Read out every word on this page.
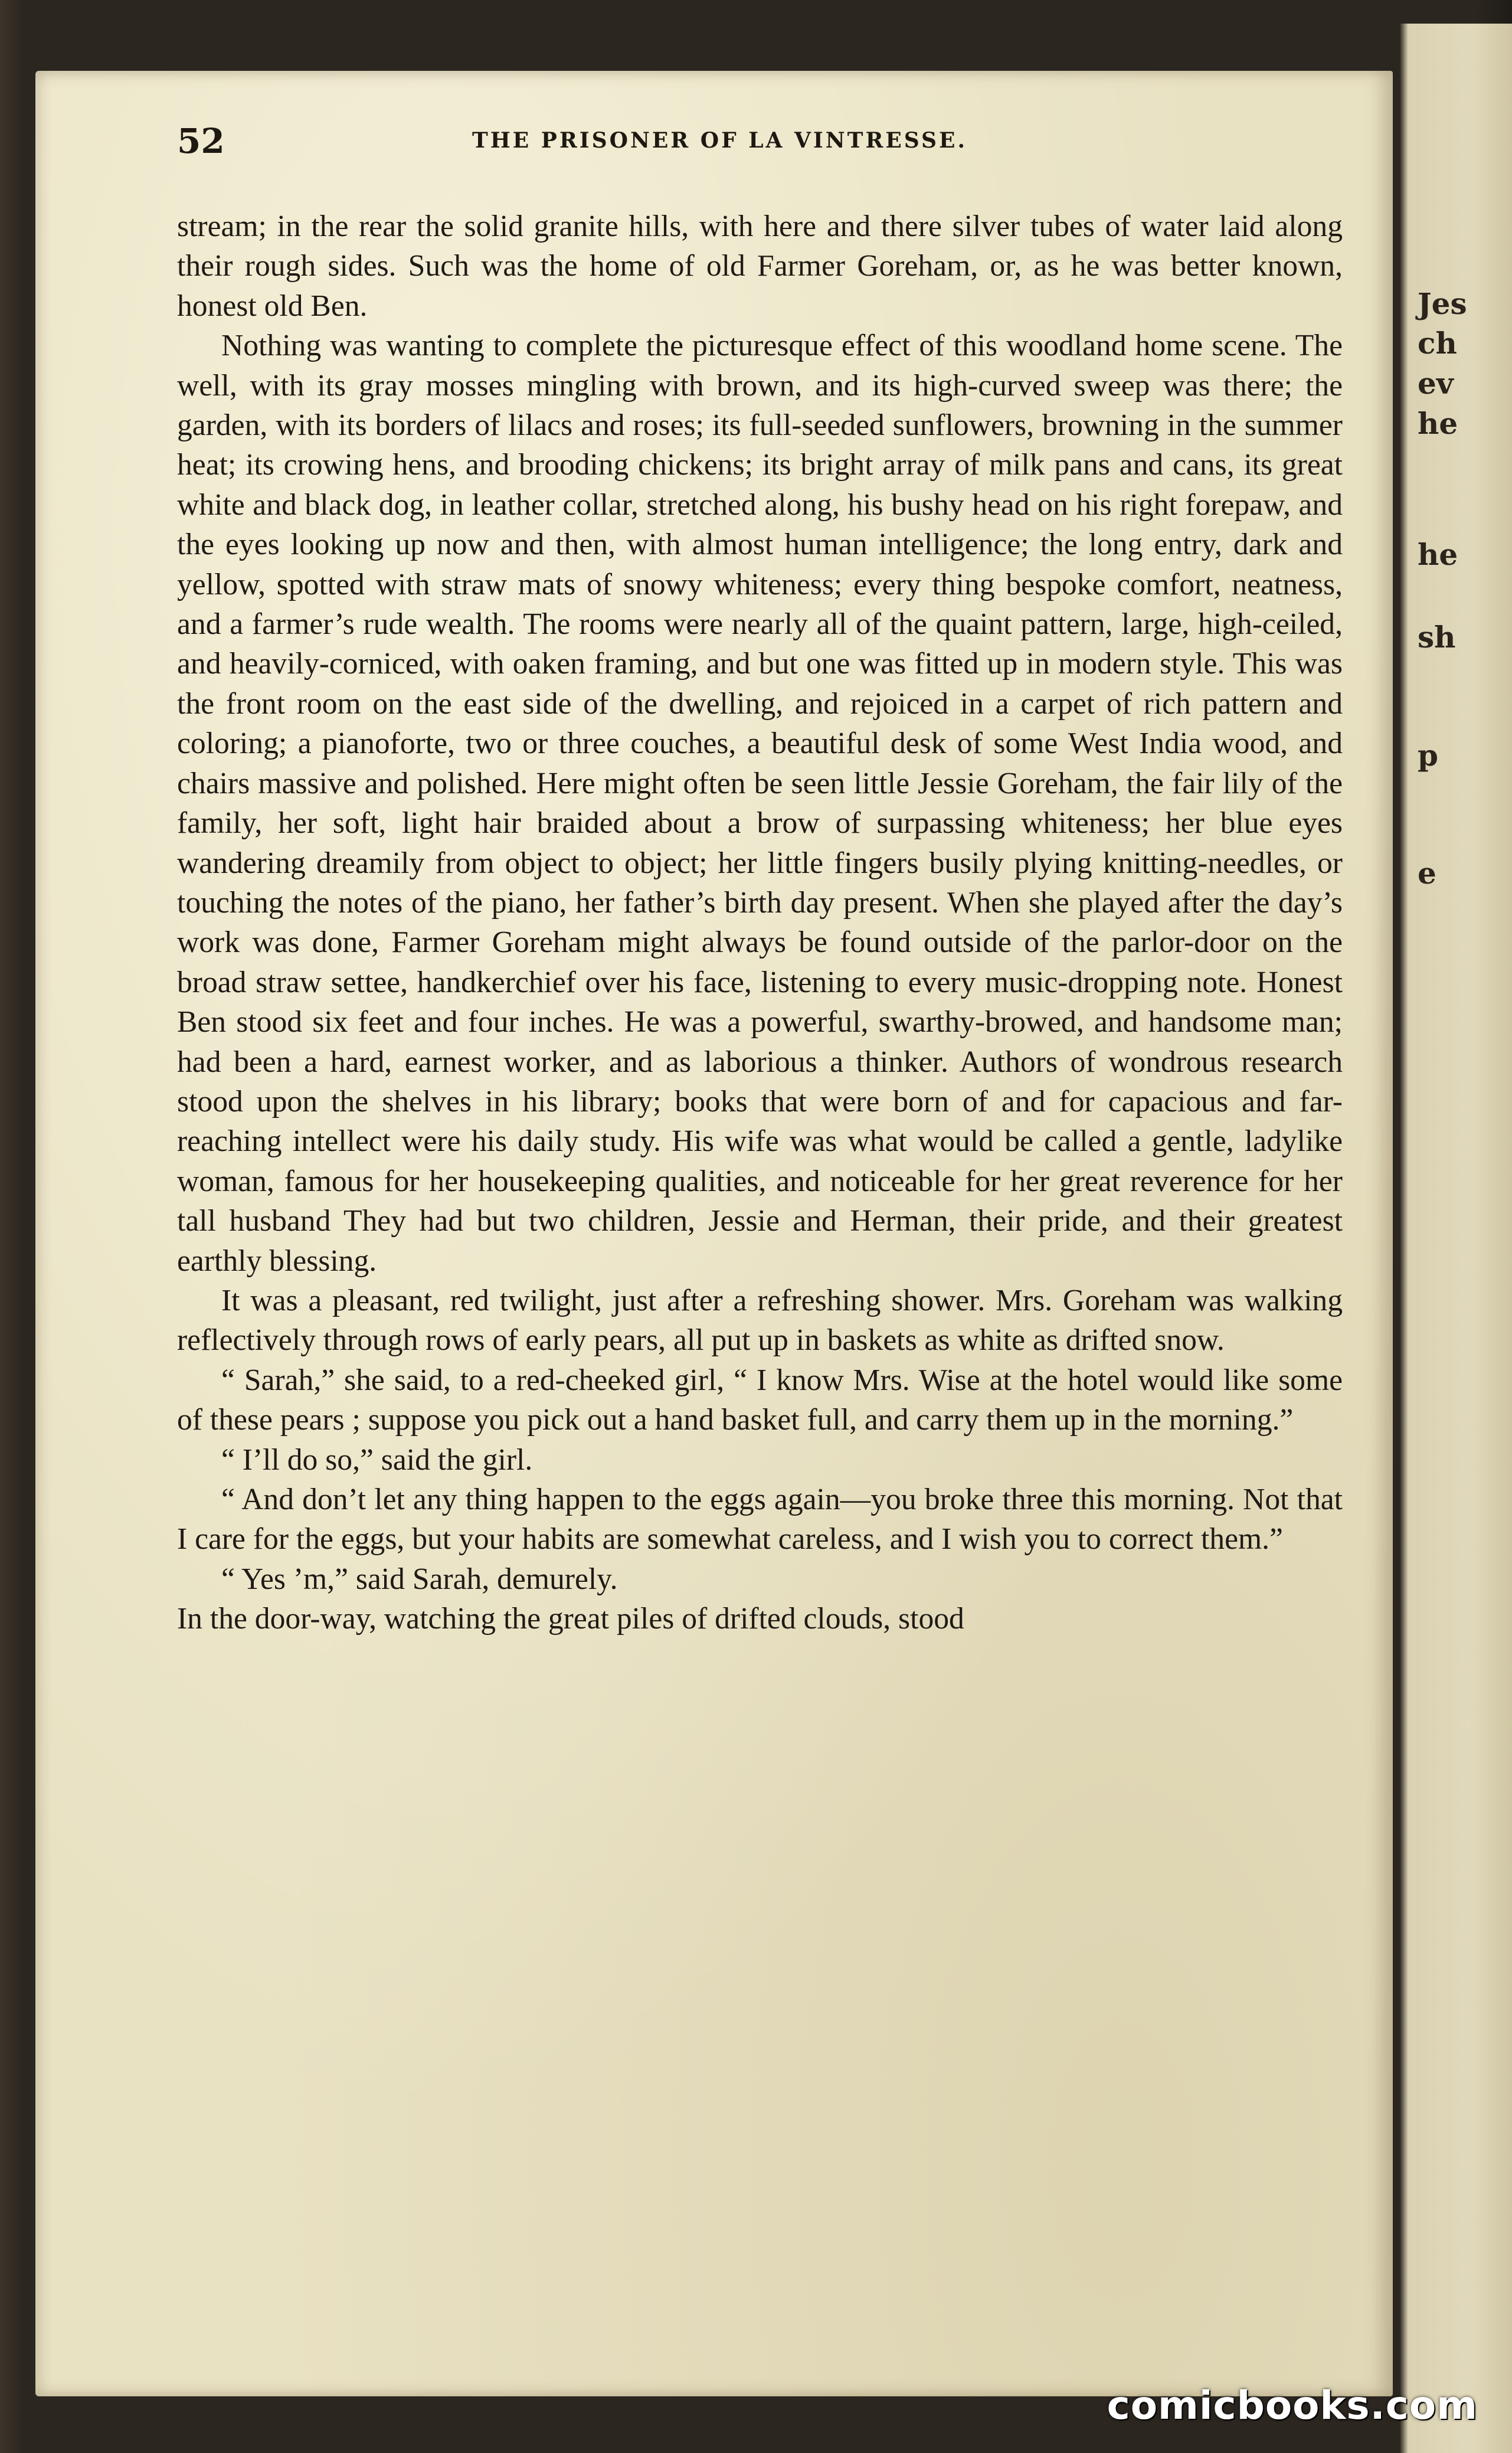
Jes
ch
ev
he
he
sh
p
e
52	THE PRISONER OF LA VINTRESSE.

stream; in the rear the solid granite hills, with here and there silver tubes of water laid along their rough sides. Such was the home of old Farmer Goreham, or, as he was better known, honest old Ben.

Nothing was wanting to complete the picturesque effect of this woodland home scene. The well, with its gray mosses mingling with brown, and its high-curved sweep was there; the garden, with its borders of lilacs and roses; its full-seeded sunflowers, browning in the summer heat; its crowing hens, and brooding chickens; its bright array of milk pans and cans, its great white and black dog, in leather collar, stretched along, his bushy head on his right forepaw, and the eyes looking up now and then, with almost human intelligence; the long entry, dark and yellow, spotted with straw mats of snowy whiteness; every thing bespoke comfort, neatness, and a farmer’s rude wealth. The rooms were nearly all of the quaint pattern, large, high-ceiled, and heavily-corniced, with oaken framing, and but one was fitted up in modern style. This was the front room on the east side of the dwelling, and rejoiced in a carpet of rich pattern and coloring; a pianoforte, two or three couches, a beautiful desk of some West India wood, and chairs massive and polished. Here might often be seen little Jessie Goreham, the fair lily of the family, her soft, light hair braided about a brow of surpassing whiteness; her blue eyes wandering dreamily from object to object; her little fingers busily plying knitting-needles, or touching the notes of the piano, her father’s birth day present. When she played after the day’s work was done, Farmer Goreham might always be found outside of the parlor-door on the broad straw settee, handkerchief over his face, listening to every music-dropping note. Honest Ben stood six feet and four inches. He was a powerful, swarthy-browed, and handsome man; had been a hard, earnest worker, and as laborious a thinker. Authors of wondrous research stood upon the shelves in his library; books that were born of and for capacious and far-reaching intellect were his daily study. His wife was what would be called a gentle, ladylike woman, famous for her housekeeping qualities, and noticeable for her great reverence for her tall husband They had but two children, Jessie and Herman, their pride, and their greatest earthly blessing.

It was a pleasant, red twilight, just after a refreshing shower. Mrs. Goreham was walking reflectively through rows of early pears, all put up in baskets as white as drifted snow.

“ Sarah,” she said, to a red-cheeked girl, “ I know Mrs. Wise at the hotel would like some of these pears ; suppose you pick out a hand basket full, and carry them up in the morning.”

“ I’ll do so,” said the girl.

“ And don’t let any thing happen to the eggs again—you broke three this morning. Not that I care for the eggs, but your habits are somewhat careless, and I wish you to correct them.”

“ Yes ’m,” said Sarah, demurely.

In the door-way, watching the great piles of drifted clouds, stood

comicbooks.com
